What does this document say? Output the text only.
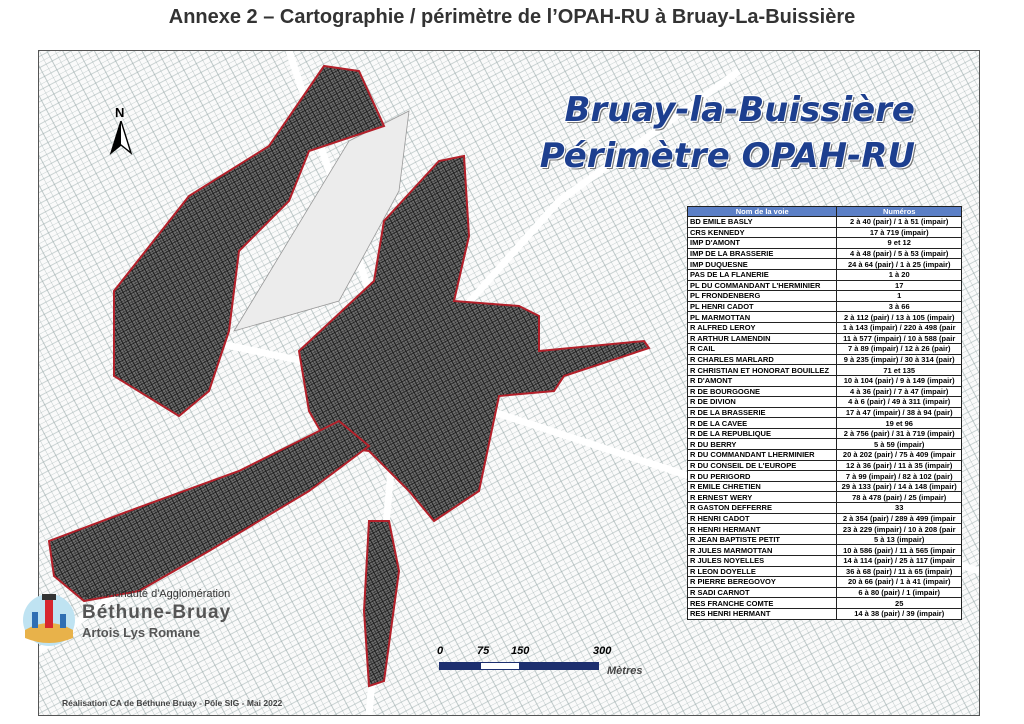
Annexe 2 – Cartographie / périmètre de l’OPAH-RU à Bruay-La-Buissière
N	Bruay-la-Buissière
Périmètre OPAH-RU
Nom de la voie	Numéros
BD EMILE BASLY	2 à 40 (pair) / 1 à 51 (impair)
CRS KENNEDY	17 à 719 (impair)
IMP D'AMONT	9 et 12
IMP DE LA BRASSERIE	4 à 48 (pair) / 5 à 53 (impair)
IMP DUQUESNE	24 à 64 (pair) / 1 à 25 (impair)
PAS DE LA FLANERIE	1 à 20
PL DU COMMANDANT L'HERMINIER	17
PL FRONDENBERG	1
PL HENRI CADOT	3 à 66
PL MARMOTTAN	2 à 112 (pair) / 13 à 105 (impair)
R ALFRED LEROY	1 à 143 (impair) / 220 à 498 (pair
R ARTHUR LAMENDIN	11 à 577 (impair) / 10 à 588 (pair
R CAIL	7 à 89 (impair) / 12 à 26 (pair)
R CHARLES MARLARD	9 à 235 (impair) / 30 à 314 (pair)
R CHRISTIAN ET HONORAT BOUILLEZ	71 et 135
R D'AMONT	10 à 104 (pair) / 9 à 149 (impair)
R DE BOURGOGNE	4 à 36 (pair) / 7 à 47 (impair)
R DE DIVION	4 à 6 (pair) / 49 à 311 (impair)
R DE LA BRASSERIE	17 à 47 (impair) / 38 à 94 (pair)
R DE LA CAVEE	19 et 96
R DE LA REPUBLIQUE	2 à 756 (pair) / 31 à 719 (impair)
R DU BERRY	5 à 59 (impair)
R DU COMMANDANT LHERMINIER	20 à 202 (pair) / 75 à 409 (impair
R DU CONSEIL DE L'EUROPE	12 à 36 (pair) / 11 à 35 (impair)
R DU PERIGORD	7 à 99 (impair) / 82 à 102 (pair)
R EMILE CHRETIEN	29 à 133 (pair) / 14 à 148 (impair)
R ERNEST WERY	78 à 478 (pair) / 25 (impair)
R GASTON DEFFERRE	33
R HENRI CADOT	2 à 354 (pair) / 289 à 499 (impair
R HENRI HERMANT	23 à 229 (impair) / 10 à 208 (pair
R JEAN BAPTISTE PETIT	5 à 13 (impair)
R JULES MARMOTTAN	10 à 586 (pair) / 11 à 565 (impair
R JULES NOYELLES	14 à 114 (pair) / 25 à 117 (impair
R LEON DOYELLE	36 à 68 (pair) / 11 à 65 (impair)
R PIERRE BEREGOVOY	20 à 66 (pair) / 1 à 41 (impair)
R SADI CARNOT	6 à 80 (pair) / 1 (impair)
RES FRANCHE COMTE	25
RES HENRI HERMANT	14 à 38 (pair) / 39 (impair)
0	75 150	300
Mètres
Communauté d'Agglomération
Béthune-Bruay
Artois Lys Romane
Réalisation CA de Béthune Bruay - Pôle SIG - Mai 2022
